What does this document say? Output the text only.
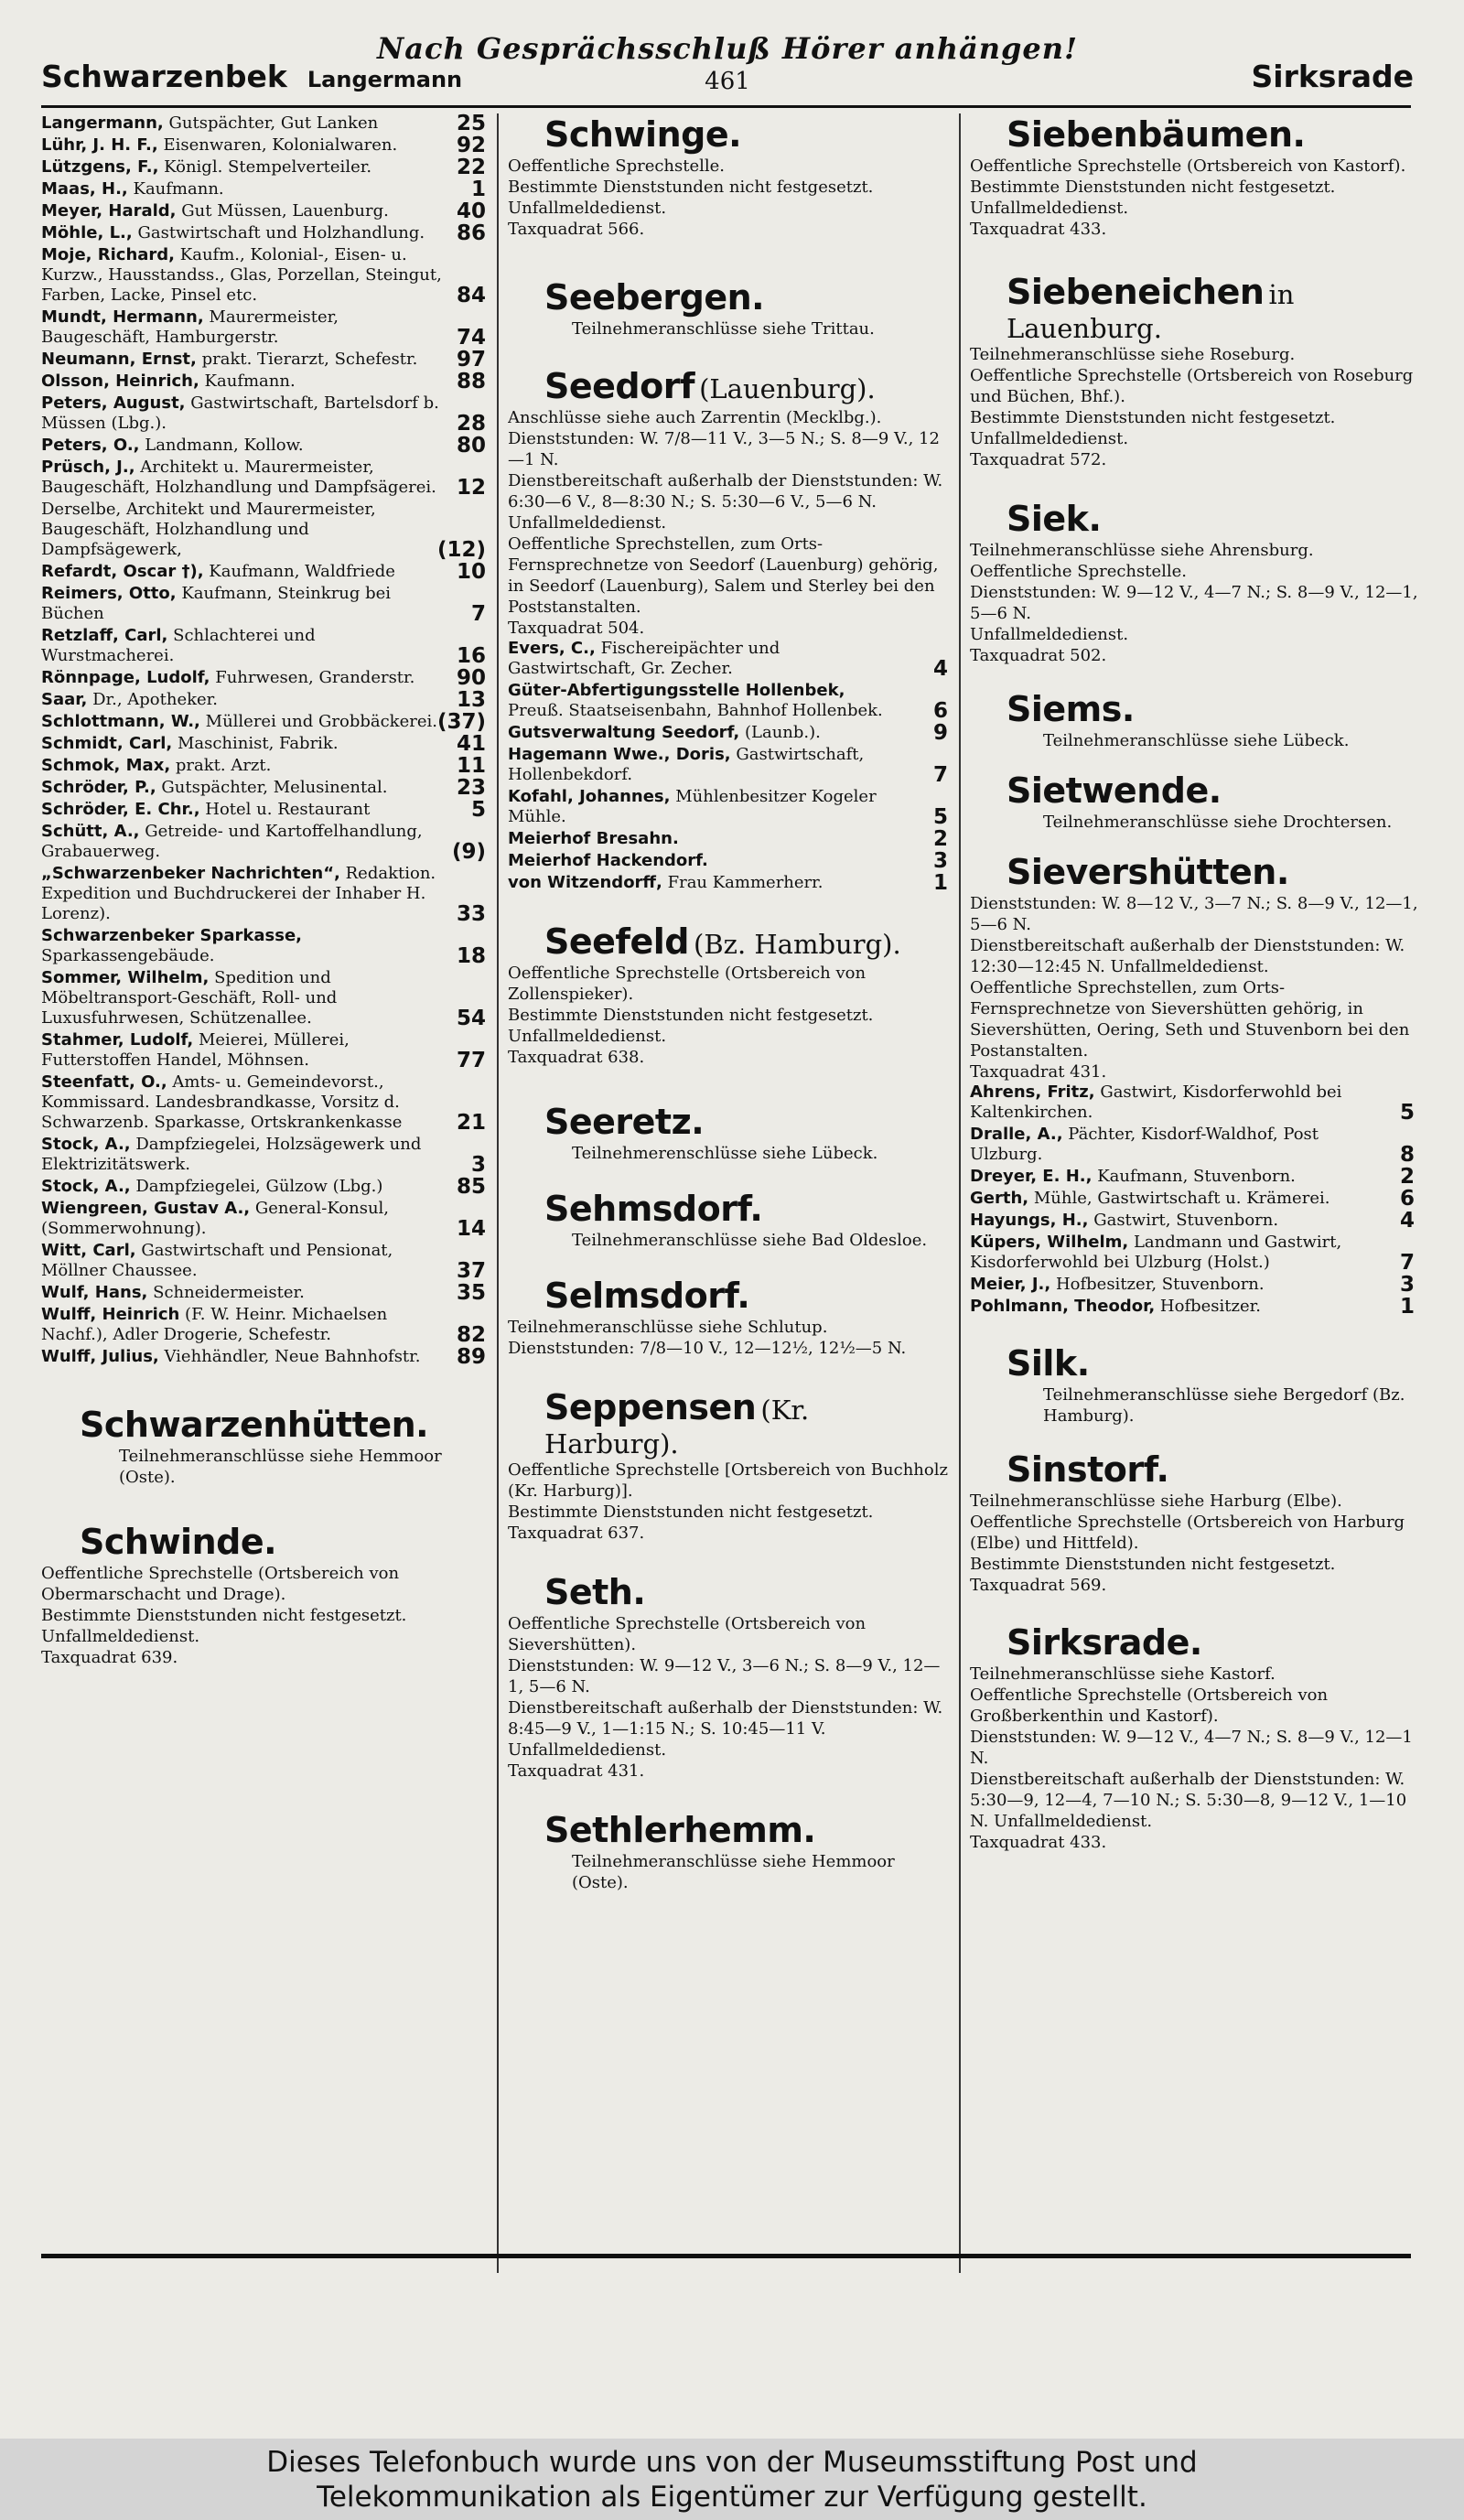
Nach Gesprächsschluß Hörer anhängen!
461
Schwarzenbek Langermann	Sirksrade
Langermann, Gutspächter, Gut Lanken	25
Lühr, J. H. F., Eisenwaren, Kolonialwaren.	92
Lützgens, F., Königl. Stempelverteiler.	22
Maas, H., Kaufmann.	1
Meyer, Harald, Gut Müssen, Lauenburg.	40
Möhle, L., Gastwirtschaft und Holzhandlung. 86
Moje, Richard, Kaufm., Kolonial-, Eisen- u. Kurzw., Hausstandss., Glas, Porzellan, Steingut, Farben, Lacke, Pinsel etc.	84
Mundt, Hermann, Maurermeister, Baugeschäft, Hamburgerstr.	74
Neumann, Ernst, prakt. Tierarzt, Schefestr. 97
Olsson, Heinrich, Kaufmann.	88
Peters, August, Gastwirtschaft, Bartelsdorf b. Müssen (Lbg.).	28
Peters, O., Landmann, Kollow.	80
Prüsch, J., Architekt u. Maurermeister, Baugeschäft, Holzhandlung und Dampfsägerei. 12
Derselbe, Architekt und Maurermeister, Baugeschäft, Holzhandlung und Dampfsägewerk,	(12)
Refardt, Oscar †), Kaufmann, Waldfriede	10
Reimers, Otto, Kaufmann, Steinkrug bei Büchen	7
Retzlaff, Carl, Schlachterei und Wurstmacherei.	16
Rönnpage, Ludolf, Fuhrwesen, Granderstr. 90
Saar, Dr., Apotheker.	13
Schlottmann, W., Müllerei und Grobbäckerei. (37)
Schmidt, Carl, Maschinist, Fabrik.	41
Schmok, Max, prakt. Arzt.	11
Schröder, P., Gutspächter, Melusinental.	23
Schröder, E. Chr., Hotel u. Restaurant	5
Schütt, A., Getreide- und Kartoffelhandlung, Grabauerweg.	(9)
„Schwarzenbeker Nachrichten“, Redaktion. Expedition und Buchdruckerei der Inhaber H. Lorenz).	33
Schwarzenbeker Sparkasse, Sparkassengebäude.	18
Sommer, Wilhelm, Spedition und Möbeltransport-Geschäft, Roll- und Luxusfuhrwesen, Schützenallee.	54
Stahmer, Ludolf, Meierei, Müllerei, Futterstoffen Handel, Möhnsen.	77
Steenfatt, O., Amts- u. Gemeindevorst., Kommissard. Landesbrandkasse, Vorsitz d. Schwarzenb. Sparkasse, Ortskrankenkasse	21
Stock, A., Dampfziegelei, Holzsägewerk und Elektrizitätswerk.	3
Stock, A., Dampfziegelei, Gülzow (Lbg.)	85
Wiengreen, Gustav A., General-Konsul, (Sommerwohnung).	14
Witt, Carl, Gastwirtschaft und Pensionat, Möllner Chaussee.	37
Wulf, Hans, Schneidermeister.	35
Wulff, Heinrich (F. W. Heinr. Michaelsen Nachf.), Adler Drogerie, Schefestr.	82
Wulff, Julius, Viehhändler, Neue Bahnhofstr. 89
Schwarzenhütten.
Teilnehmeranschlüsse siehe Hemmoor (Oste).
Schwinde.
Oeffentliche Sprechstelle (Ortsbereich von Obermarschacht und Drage).
Bestimmte Dienststunden nicht festgesetzt.
Unfallmeldedienst.
Taxquadrat 639.
Schwinge.
Oeffentliche Sprechstelle.
Bestimmte Dienststunden nicht festgesetzt.
Unfallmeldedienst.
Taxquadrat 566.
Seebergen.
Teilnehmeranschlüsse siehe Trittau.
Seedorf (Lauenburg).
Anschlüsse siehe auch Zarrentin (Mecklbg.).
Dienststunden: W. 7/8—11 V., 3—5 N.; S. 8—9 V., 12—1 N.
Dienstbereitschaft außerhalb der Dienststunden: W. 6:30—6 V., 8—8:30 N.; S. 5:30—6 V., 5—6 N. Unfallmeldedienst.
Oeffentliche Sprechstellen, zum Orts-Fernsprechnetze von Seedorf (Lauenburg) gehörig, in Seedorf (Lauenburg), Salem und Sterley bei den Poststanstalten.
Taxquadrat 504.
Evers, C., Fischereipächter und Gastwirtschaft, Gr. Zecher.	4
Güter-Abfertigungsstelle Hollenbek, Preuß. Staatseisenbahn, Bahnhof Hollenbek. 6
Gutsverwaltung Seedorf, (Launb.).	9
Hagemann Wwe., Doris, Gastwirtschaft, Hollenbekdorf.	7
Kofahl, Johannes, Mühlenbesitzer Kogeler Mühle.	5
Meierhof Bresahn.	2
Meierhof Hackendorf.	3
von Witzendorff, Frau Kammerherr.	1
Seefeld (Bz. Hamburg).
Oeffentliche Sprechstelle (Ortsbereich von Zollenspieker).
Bestimmte Dienststunden nicht festgesetzt.
Unfallmeldedienst.
Taxquadrat 638.
Seeretz.
Teilnehmerenschlüsse siehe Lübeck.
Sehmsdorf.
Teilnehmeranschlüsse siehe Bad Oldesloe.
Selmsdorf.
Teilnehmeranschlüsse siehe Schlutup.
Dienststunden: 7/8—10 V., 12—12½, 12½—5 N.
Seppensen (Kr. Harburg).
Oeffentliche Sprechstelle [Ortsbereich von Buchholz (Kr. Harburg)].
Bestimmte Dienststunden nicht festgesetzt.
Taxquadrat 637.
Seth.
Oeffentliche Sprechstelle (Ortsbereich von Sievershütten).
Dienststunden: W. 9—12 V., 3—6 N.; S. 8—9 V., 12—1, 5—6 N.
Dienstbereitschaft außerhalb der Dienststunden: W. 8:45—9 V., 1—1:15 N.; S. 10:45—11 V.
Unfallmeldedienst.
Taxquadrat 431.
Sethlerhemm.
Teilnehmeranschlüsse siehe Hemmoor (Oste).
Siebenbäumen.
Oeffentliche Sprechstelle (Ortsbereich von Kastorf).
Bestimmte Dienststunden nicht festgesetzt.
Unfallmeldedienst.
Taxquadrat 433.
Siebeneichen in Lauenburg.
Teilnehmeranschlüsse siehe Roseburg.
Oeffentliche Sprechstelle (Ortsbereich von Roseburg und Büchen, Bhf.).
Bestimmte Dienststunden nicht festgesetzt.
Unfallmeldedienst.
Taxquadrat 572.
Siek.
Teilnehmeranschlüsse siehe Ahrensburg.
Oeffentliche Sprechstelle.
Dienststunden: W. 9—12 V., 4—7 N.; S. 8—9 V., 12—1, 5—6 N.
Unfallmeldedienst.
Taxquadrat 502.
Siems.
Teilnehmeranschlüsse siehe Lübeck.
Sietwende.
Teilnehmeranschlüsse siehe Drochtersen.
Sievershütten.
Dienststunden: W. 8—12 V., 3—7 N.; S. 8—9 V., 12—1, 5—6 N.
Dienstbereitschaft außerhalb der Dienststunden: W. 12:30—12:45 N. Unfallmeldedienst.
Oeffentliche Sprechstellen, zum Orts-Fernsprechnetze von Sievershütten gehörig, in Sievershütten, Oering, Seth und Stuvenborn bei den Postanstalten.
Taxquadrat 431.
Ahrens, Fritz, Gastwirt, Kisdorferwohld bei Kaltenkirchen.	5
Dralle, A., Pächter, Kisdorf-Waldhof, Post Ulzburg.	8
Dreyer, E. H., Kaufmann, Stuvenborn.	2
Gerth, Mühle, Gastwirtschaft u. Krämerei.	6
Hayungs, H., Gastwirt, Stuvenborn.	4
Küpers, Wilhelm, Landmann und Gastwirt, Kisdorferwohld bei Ulzburg (Holst.)	7
Meier, J., Hofbesitzer, Stuvenborn.	3
Pohlmann, Theodor, Hofbesitzer.	1
Silk.
Teilnehmeranschlüsse siehe Bergedorf (Bz. Hamburg).
Sinstorf.
Teilnehmeranschlüsse siehe Harburg (Elbe).
Oeffentliche Sprechstelle (Ortsbereich von Harburg (Elbe) und Hittfeld).
Bestimmte Dienststunden nicht festgesetzt.
Taxquadrat 569.
Sirksrade.
Teilnehmeranschlüsse siehe Kastorf.
Oeffentliche Sprechstelle (Ortsbereich von Großberkenthin und Kastorf).
Dienststunden: W. 9—12 V., 4—7 N.; S. 8—9 V., 12—1 N.
Dienstbereitschaft außerhalb der Dienststunden: W. 5:30—9, 12—4, 7—10 N.; S. 5:30—8, 9—12 V., 1—10 N. Unfallmeldedienst.
Taxquadrat 433.
Dieses Telefonbuch wurde uns von der Museumsstiftung Post und
Telekommunikation als Eigentümer zur Verfügung gestellt.
